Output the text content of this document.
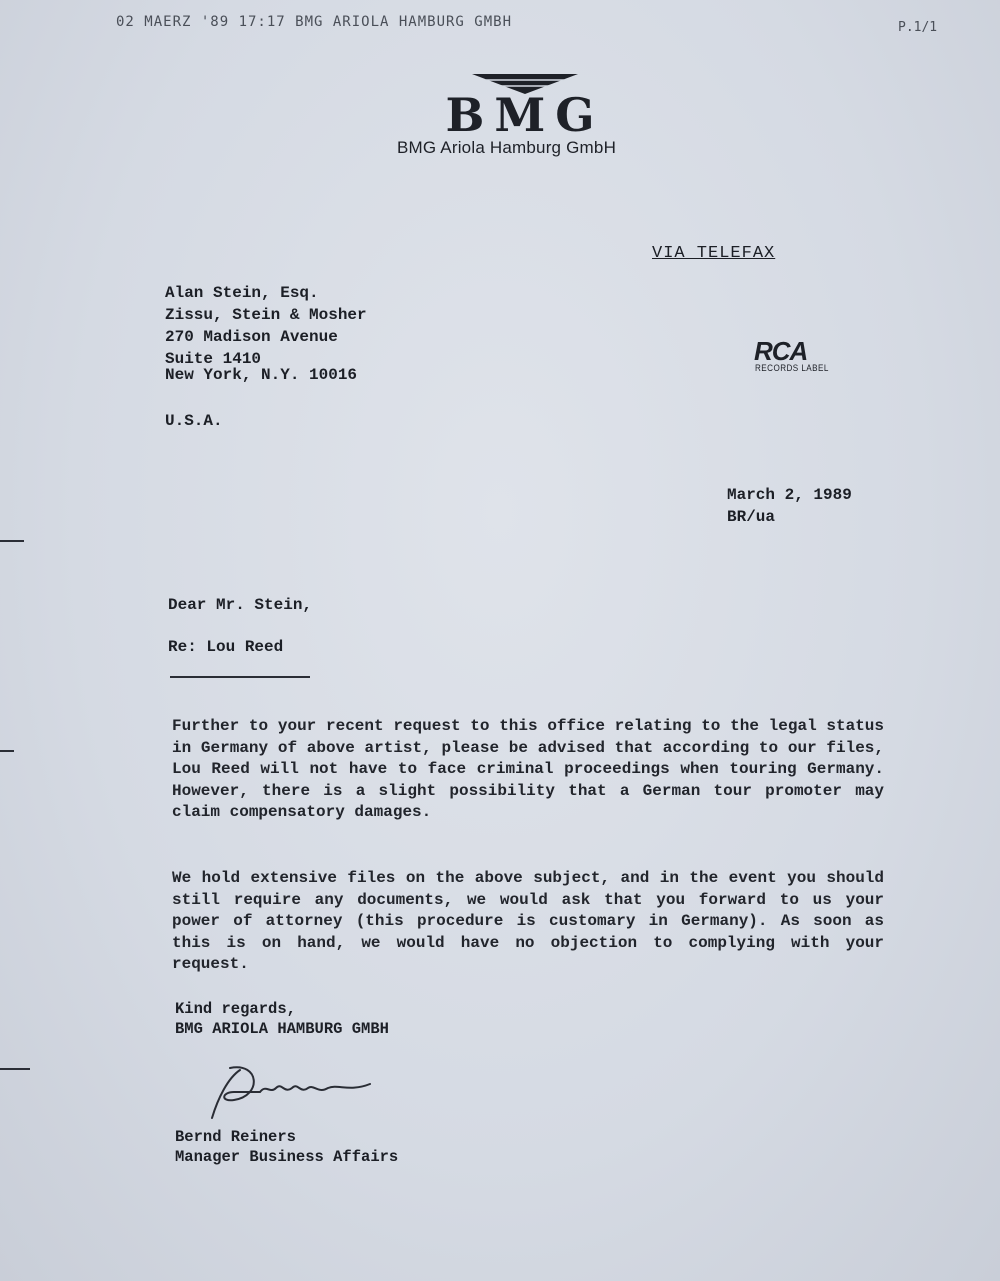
02 MAERZ '89 17:17 BMG ARIOLA HAMBURG GMBH	P.1/1
BMG
BMG Ariola Hamburg GmbH
VIA TELEFAX
Alan Stein, Esq.
Zissu, Stein & Mosher
270 Madison Avenue
Suite 1410
New York, N.Y. 10016
U.S.A.
RCA
RECORDS LABEL
March 2, 1989
BR/ua
Dear Mr. Stein,
Re: Lou Reed
Further to your recent request to this office relating to the legal status in Germany of above artist, please be advised that according to our files, Lou Reed will not have to face criminal proceedings when touring Germany. However, there is a slight possibility that a German tour promoter may claim compensatory damages.
We hold extensive files on the above subject, and in the event you should still require any documents, we would ask that you forward to us your power of attorney (this procedure is customary in Germany). As soon as this is on hand, we would have no objection to complying with your request.
Kind regards,
BMG ARIOLA HAMBURG GMBH
Bernd Reiners
Manager Business Affairs
